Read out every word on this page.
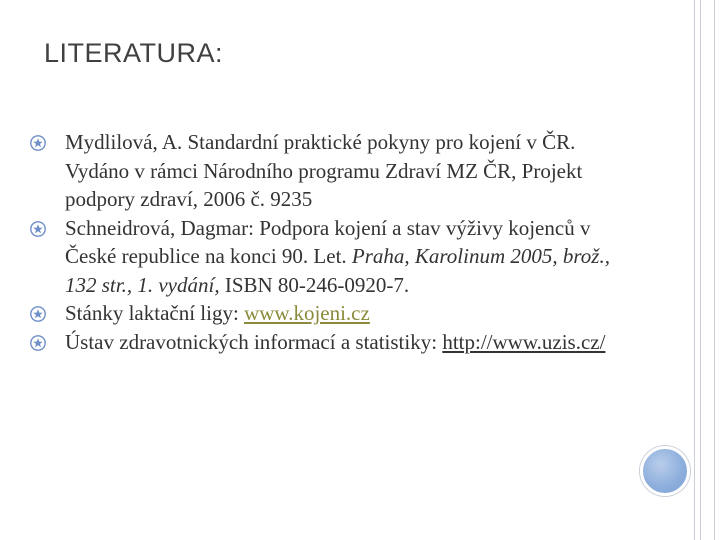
LITERATURA:
Mydlilová, A. Standardní praktické pokyny pro kojení v ČR. Vydáno v rámci Národního programu Zdraví MZ ČR, Projekt podpory zdraví, 2006 č. 9235
Schneidrová, Dagmar: Podpora kojení a stav výživy kojenců v České republice na konci 90. Let. Praha, Karolinum 2005, brož., 132 str., 1. vydání, ISBN 80-246-0920-7.
Stánky laktační ligy: www.kojeni.cz
Ústav zdravotnických informací a statistiky: http://www.uzis.cz/
